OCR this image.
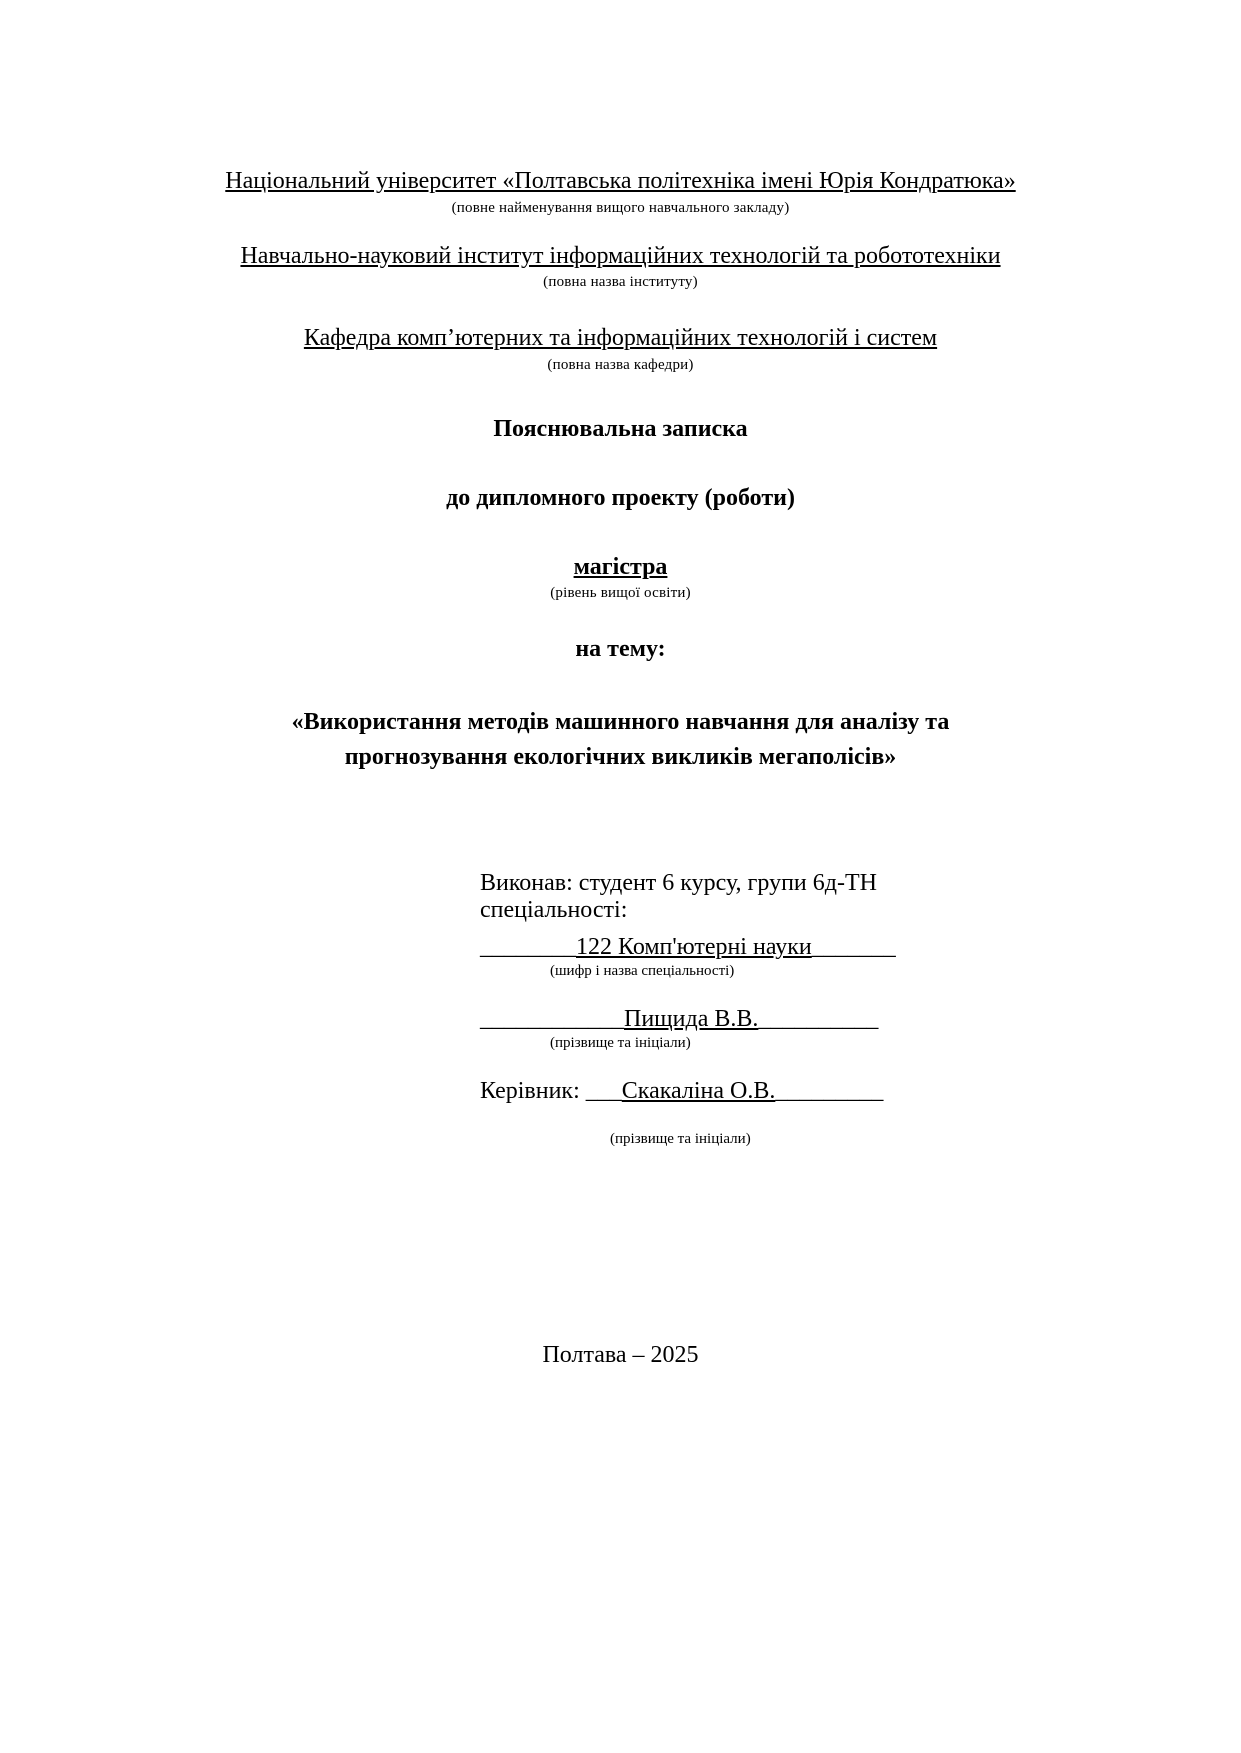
Національний університет «Полтавська політехніка імені Юрія Кондратюка»
(повне найменування вищого навчального закладу)
Навчально-науковий інститут інформаційних технологій та робототехніки
(повна назва інституту)
Кафедра комп’ютерних та інформаційних технологій і систем
(повна назва кафедри)
Пояснювальна записка
до дипломного проекту (роботи)
магістра
(рівень вищої освіти)
на тему:
«Використання методів машинного навчання для аналізу та прогнозування екологічних викликів мегаполісів»
Виконав: студент 6 курсу, групи 6д-ТН
спеціальності:
________122 Комп'ютерні науки_______
(шифр і назва спеціальності)
____________Пищида В.В.__________
(прізвище та ініціали)
Керівник: ___Скакаліна О.В._________
(прізвище та ініціали)
Полтава – 2025
